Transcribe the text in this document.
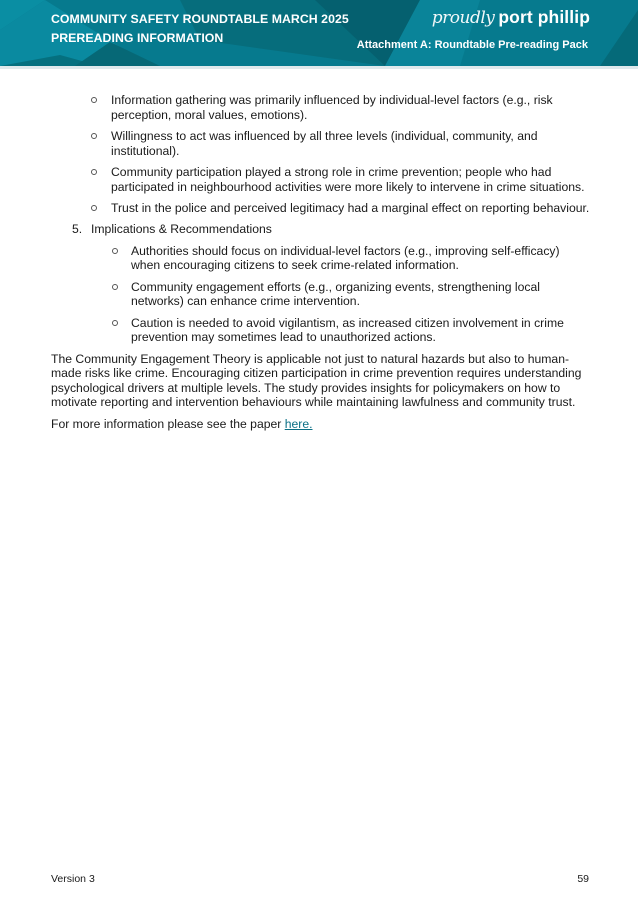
COMMUNITY SAFETY ROUNDTABLE MARCH 2025
PREREADING INFORMATION
proudly port phillip
Attachment A: Roundtable Pre-reading Pack
Information gathering was primarily influenced by individual-level factors (e.g., risk perception, moral values, emotions).
Willingness to act was influenced by all three levels (individual, community, and institutional).
Community participation played a strong role in crime prevention; people who had participated in neighbourhood activities were more likely to intervene in crime situations.
Trust in the police and perceived legitimacy had a marginal effect on reporting behaviour.
5. Implications & Recommendations
Authorities should focus on individual-level factors (e.g., improving self-efficacy) when encouraging citizens to seek crime-related information.
Community engagement efforts (e.g., organizing events, strengthening local networks) can enhance crime intervention.
Caution is needed to avoid vigilantism, as increased citizen involvement in crime prevention may sometimes lead to unauthorized actions.

The Community Engagement Theory is applicable not just to natural hazards but also to human-made risks like crime. Encouraging citizen participation in crime prevention requires understanding psychological drivers at multiple levels. The study provides insights for policymakers on how to motivate reporting and intervention behaviours while maintaining lawfulness and community trust.

For more information please see the paper here.

Version 3	59
